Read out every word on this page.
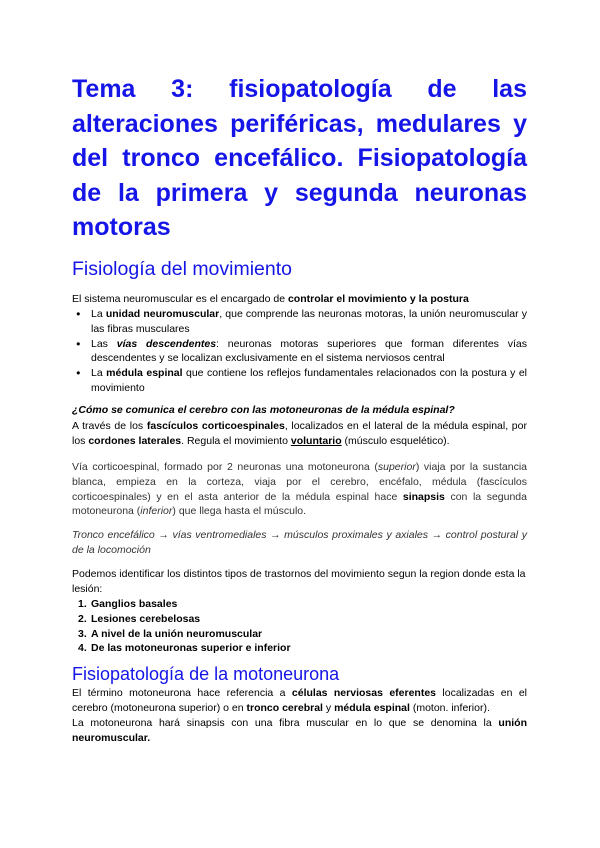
Tema 3: fisiopatología de las alteraciones periféricas, medulares y del tronco encefálico. Fisiopatología de la primera y segunda neuronas motoras
Fisiología del movimiento

El sistema neuromuscular es el encargado de controlar el movimiento y la postura

● La unidad neuromuscular, que comprende las neuronas motoras, la unión neuromuscular y las fibras musculares
● Las vías descendentes: neuronas motoras superiores que forman diferentes vías descendentes y se localizan exclusivamente en el sistema nerviosos central
● La médula espinal que contiene los reflejos fundamentales relacionados con la postura y el movimiento

¿Cómo se comunica el cerebro con las motoneuronas de la médula espinal?

A través de los fascículos corticoespinales, localizados en el lateral de la médula espinal, por los cordones laterales. Regula el movimiento voluntario (músculo esquelético).

Vía corticoespinal, formado por 2 neuronas una motoneurona (superior) viaja por la sustancia blanca, empieza en la corteza, viaja por el cerebro, encéfalo, médula (fascículos corticoespinales) y en el asta anterior de la médula espinal hace sinapsis con la segunda motoneurona (inferior) que llega hasta el músculo.

Tronco encefálico → vías ventromediales → músculos proximales y axiales → control postural y de la locomoción

Podemos identificar los distintos tipos de trastornos del movimiento segun la region donde esta la lesión:

1. Ganglios basales
2. Lesiones cerebelosas
3. A nivel de la unión neuromuscular
4. De las motoneuronas superior e inferior
Fisiopatología de la motoneurona

El término motoneurona hace referencia a células nerviosas eferentes localizadas en el cerebro (motoneurona superior) o en tronco cerebral y médula espinal (moton. inferior).

La motoneurona hará sinapsis con una fibra muscular en lo que se denomina la unión neuromuscular.
